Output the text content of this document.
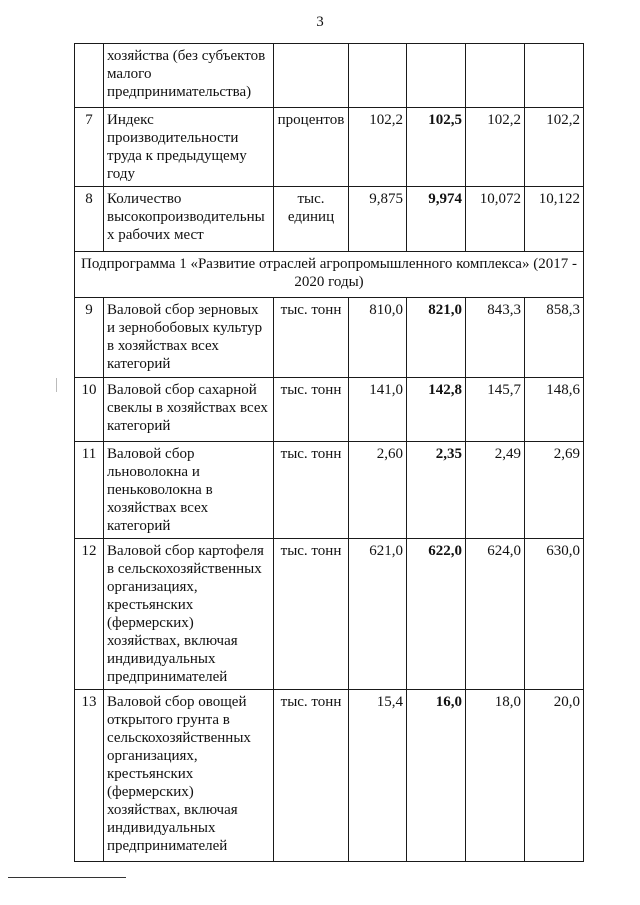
3
	хозяйства (без субъектов малого предпринимательства)					
7	Индекс производительности труда к предыдущему году	процентов	102,2	102,5	102,2	102,2
8	Количество высокопроизводительны х рабочих мест	тыс. единиц	9,875	9,974	10,072	10,122
Подпрограмма 1 «Развитие отраслей агропромышленного комплекса» (2017 - 2020 годы)						
9	Валовой сбор зерновых и зернобобовых культур в хозяйствах всех категорий	тыс. тонн	810,0	821,0	843,3	858,3
10	Валовой сбор сахарной свеклы в хозяйствах всех категорий	тыс. тонн	141,0	142,8	145,7	148,6
11	Валовой сбор льноволокна и пеньковолокна в хозяйствах всех категорий	тыс. тонн	2,60	2,35	2,49	2,69
12	Валовой сбор картофеля в сельскохозяйственных организациях, крестьянских (фермерских) хозяйствах, включая индивидуальных предпринимателей	тыс. тонн	621,0	622,0	624,0	630,0
13	Валовой сбор овощей открытого грунта в сельскохозяйственных организациях, крестьянских (фермерских) хозяйствах, включая индивидуальных предпринимателей	тыс. тонн	15,4	16,0	18,0	20,0
